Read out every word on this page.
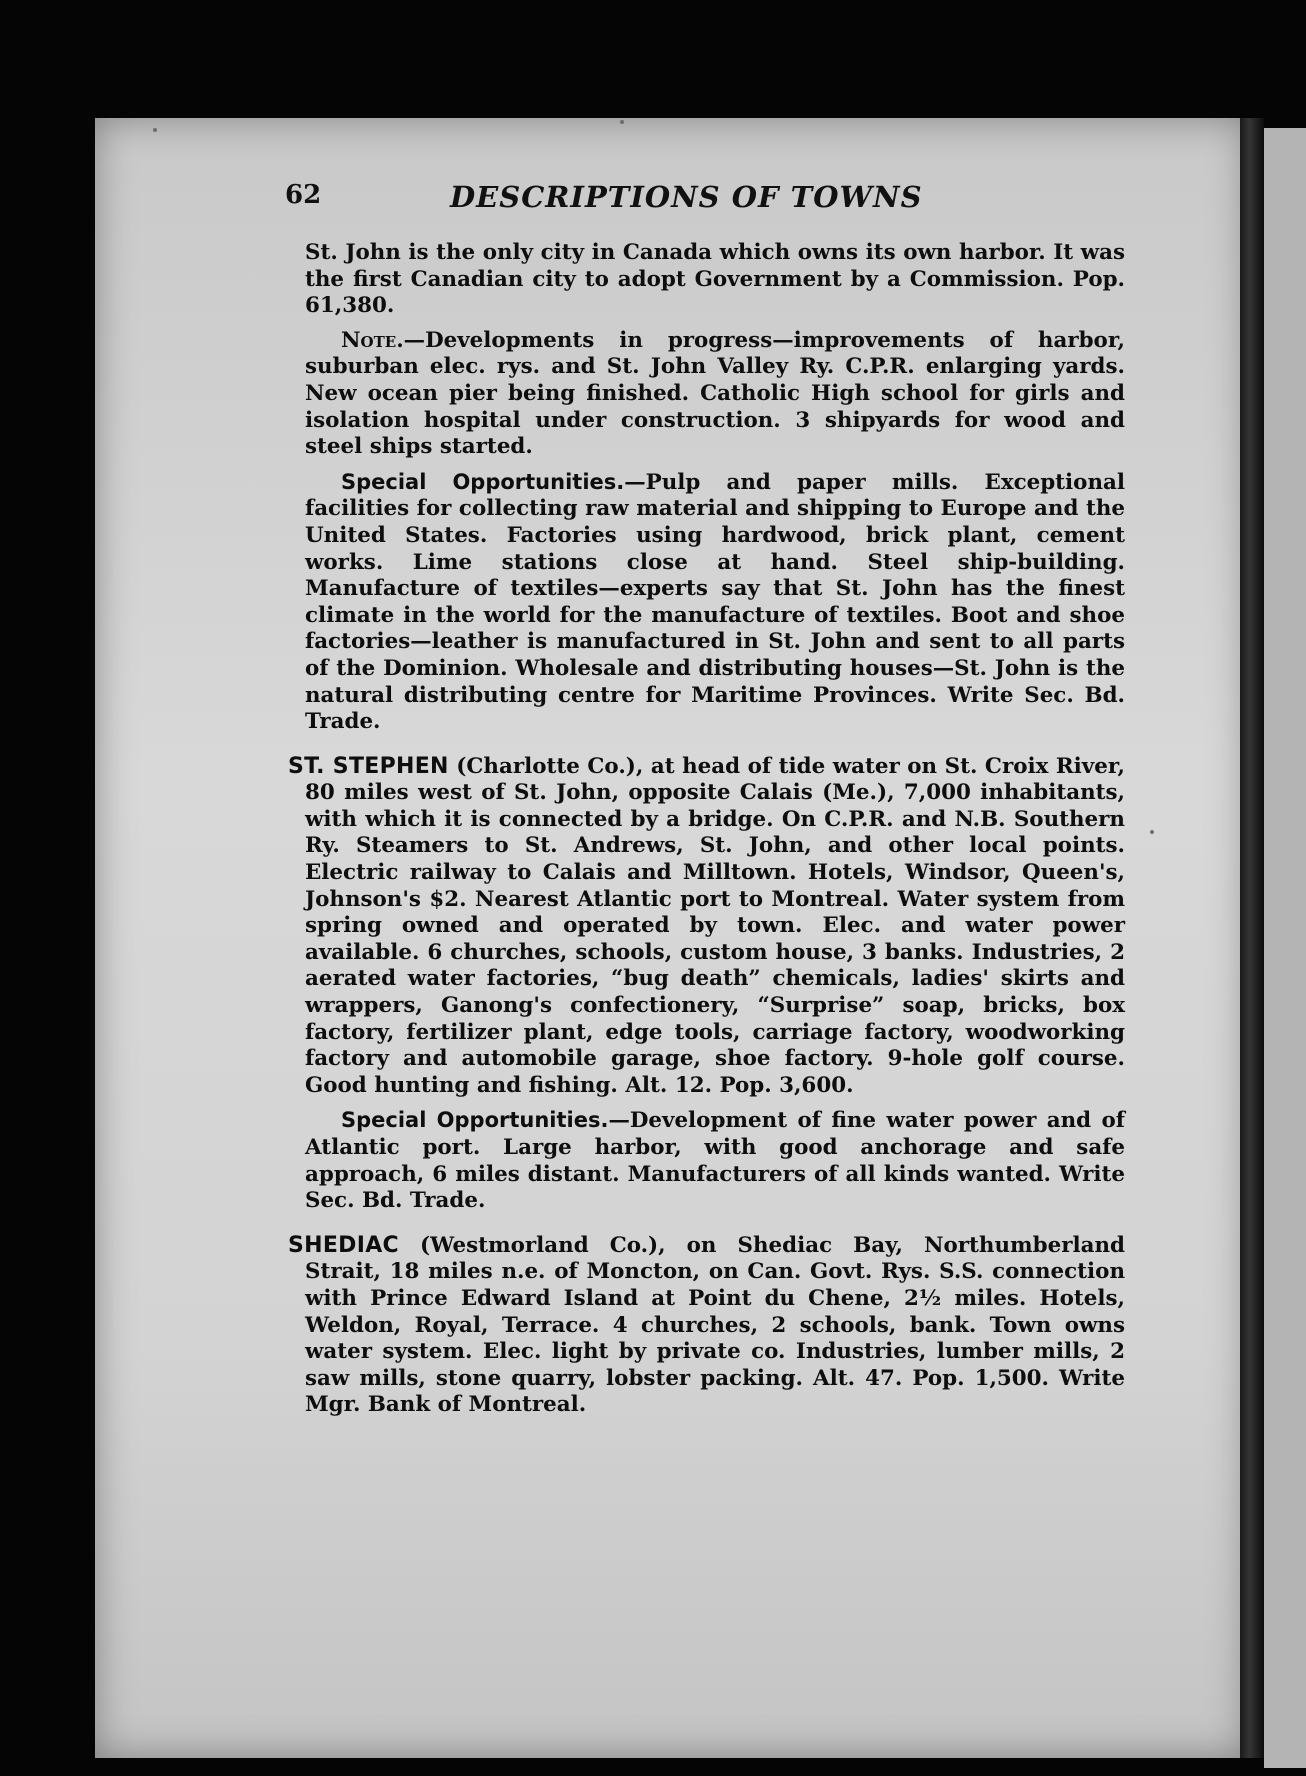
62	DESCRIPTIONS OF TOWNS

St. John is the only city in Canada which owns its own harbor. It was the first Canadian city to adopt Government by a Commission. Pop. 61,380.

Note.—Developments in progress—improvements of harbor, suburban elec. rys. and St. John Valley Ry. C.P.R. enlarging yards. New ocean pier being finished. Catholic High school for girls and isolation hospital under construction. 3 shipyards for wood and steel ships started.

Special Opportunities.—Pulp and paper mills. Exceptional facilities for collecting raw material and shipping to Europe and the United States. Factories using hardwood, brick plant, cement works. Lime stations close at hand. Steel ship-building. Manufacture of textiles—experts say that St. John has the finest climate in the world for the manufacture of textiles. Boot and shoe factories—leather is manufactured in St. John and sent to all parts of the Dominion. Wholesale and distributing houses—St. John is the natural distributing centre for Maritime Provinces. Write Sec. Bd. Trade.

ST. STEPHEN (Charlotte Co.), at head of tide water on St. Croix River, 80 miles west of St. John, opposite Calais (Me.), 7,000 inhabitants, with which it is connected by a bridge. On C.P.R. and N.B. Southern Ry. Steamers to St. Andrews, St. John, and other local points. Electric railway to Calais and Milltown. Hotels, Windsor, Queen's, Johnson's $2. Nearest Atlantic port to Montreal. Water system from spring owned and operated by town. Elec. and water power available. 6 churches, schools, custom house, 3 banks. Industries, 2 aerated water factories, “bug death” chemicals, ladies' skirts and wrappers, Ganong's confectionery, “Surprise” soap, bricks, box factory, fertilizer plant, edge tools, carriage factory, woodworking factory and automobile garage, shoe factory. 9-hole golf course. Good hunting and fishing. Alt. 12. Pop. 3,600.

Special Opportunities.—Development of fine water power and of Atlantic port. Large harbor, with good anchorage and safe approach, 6 miles distant. Manufacturers of all kinds wanted. Write Sec. Bd. Trade.

SHEDIAC (Westmorland Co.), on Shediac Bay, Northumberland Strait, 18 miles n.e. of Moncton, on Can. Govt. Rys. S.S. connection with Prince Edward Island at Point du Chene, 2½ miles. Hotels, Weldon, Royal, Terrace. 4 churches, 2 schools, bank. Town owns water system. Elec. light by private co. Industries, lumber mills, 2 saw mills, stone quarry, lobster packing. Alt. 47. Pop. 1,500. Write Mgr. Bank of Montreal.
